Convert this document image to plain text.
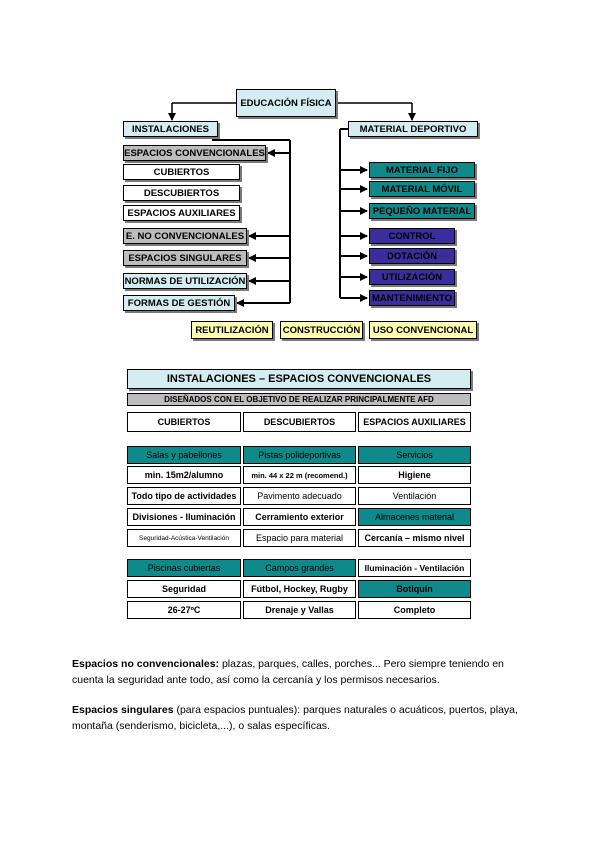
EDUCACIÓN FÍSICA
INSTALACIONES	MATERIAL DEPORTIVO
ESPACIOS CONVENCIONALES
CUBIERTOS
DESCUBIERTOS
ESPACIOS AUXILIARES
E. NO CONVENCIONALES
ESPACIOS SINGULARES
NORMAS DE UTILIZACIÓN
FORMAS DE GESTIÓN
MATERIAL FIJO
MATERIAL MÓVIL
PEQUEÑO MATERIAL
CONTROL
DOTACIÓN
UTILIZACIÓN
MANTENIMIENTO
REUTILIZACIÓN	CONSTRUCCIÓN	USO CONVENCIONAL
INSTALACIONES – ESPACIOS CONVENCIONALES
DISEÑADOS CON EL OBJETIVO DE REALIZAR PRINCIPALMENTE AFD
CUBIERTOS	DESCUBIERTOS	ESPACIOS AUXILIARES
Salas y pabellones	Pistas polideportivas	Servicios
min. 15m2/alumno	min. 44 x 22 m (recomend.)	Higiene
Todo tipo de actividades	Pavimento adecuado	Ventilación
Divisiones - Iluminación	Cerramiento exterior	Almacenes material
Seguridad-Acústica-Ventilación	Espacio para material	Cercanía – mismo nivel
Piscinas cubiertas	Campos grandes	Iluminación - Ventilación
Seguridad	Fútbol, Hockey, Rugby	Botiquín
26-27ºC	Drenaje y Vallas	Completo
Espacios no convencionales: plazas, parques, calles, porches... Pero siempre teniendo en cuenta la seguridad ante todo, así como la cercanía y los permisos necesarios.
Espacios singulares (para espacios puntuales): parques naturales o acuáticos, puertos, playa, montaña (senderismo, bicicleta,...), o salas específicas.
